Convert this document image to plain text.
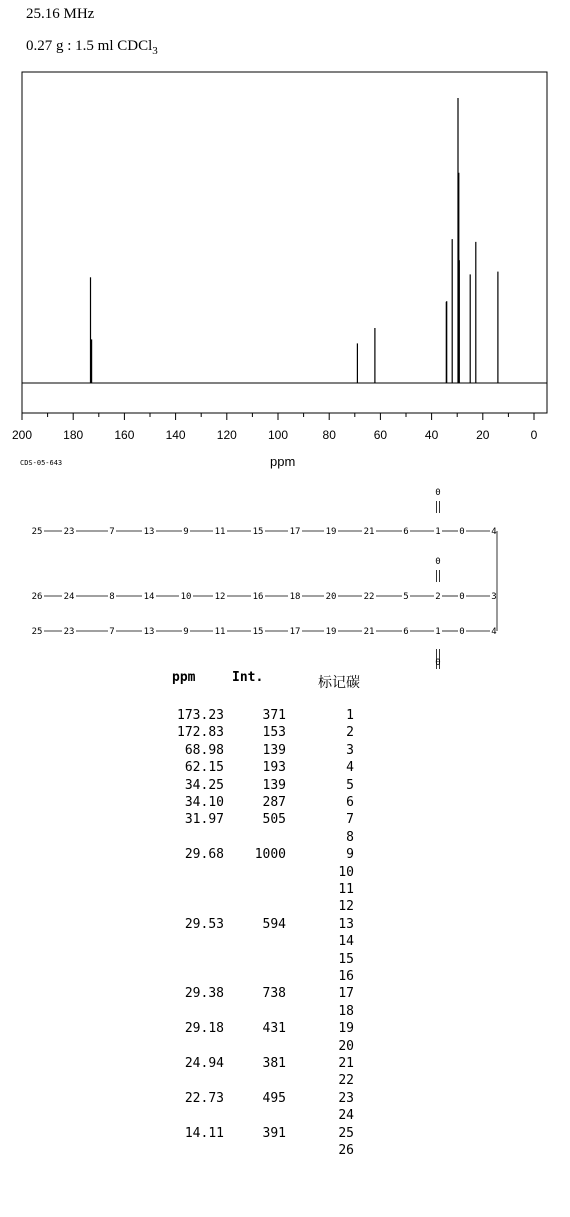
25.16 MHz
0.27 g : 1.5 ml CDCl$_3$
200	180	160	140	120	100	80	60	40	20	0
CDS-05-643	ppm
25 23	7	13	9	11	15	17	19	21	6	1 0	4
26 24	8	14	10	12	16	18	20	22	5	2 0	3
25 23	7	13	9	11	15	17	19	21	6	1 0	4
0
0
0
ppm	Int.	标记碳
173.23	371	1
172.83	153	2
68.98	139	3
62.15	193	4
34.25	139	5
34.10	287	6
31.97	505	7
8
29.68	1000	9
10
11
12
29.53	594	13
14
15
16
29.38	738	17
18
29.18	431	19
20
24.94	381	21
22
22.73	495	23
24
14.11	391	25
26
